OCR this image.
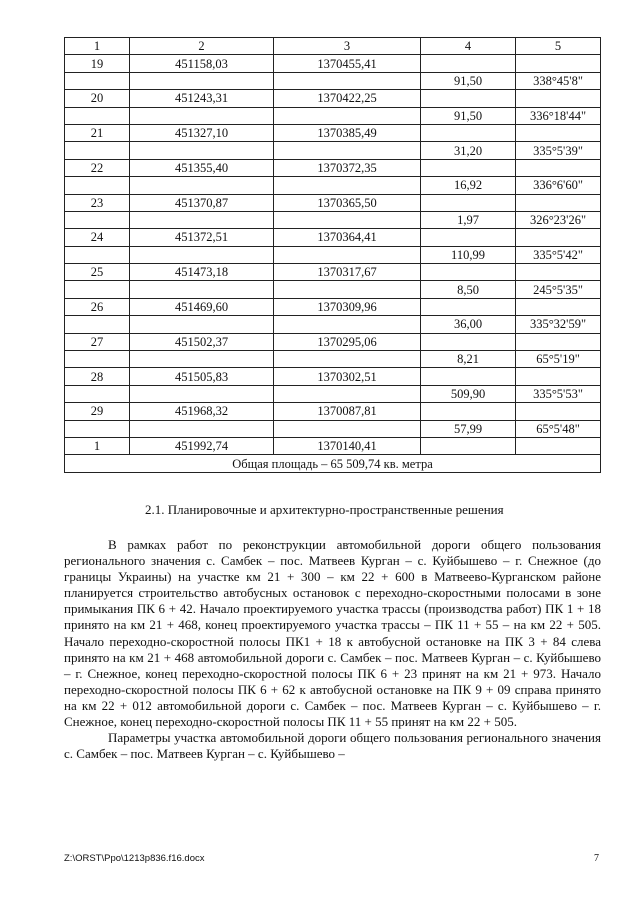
1	2	3	4	5
19	451158,03	1370455,41		
			91,50	338°45'8"
20	451243,31	1370422,25		
			91,50	336°18'44"
21	451327,10	1370385,49		
			31,20	335°5'39"
22	451355,40	1370372,35		
			16,92	336°6'60"
23	451370,87	1370365,50		
			1,97	326°23'26"
24	451372,51	1370364,41		
			110,99	335°5'42"
25	451473,18	1370317,67		
			8,50	245°5'35"
26	451469,60	1370309,96		
			36,00	335°32'59"
27	451502,37	1370295,06		
			8,21	65°5'19"
28	451505,83	1370302,51		
			509,90	335°5'53"
29	451968,32	1370087,81		
			57,99	65°5'48"
1	451992,74	1370140,41		
Общая площадь – 65 509,74 кв. метра				
2.1. Планировочные и архитектурно-пространственные решения

В рамках работ по реконструкции автомобильной дороги общего пользования регионального значения с. Самбек – пос. Матвеев Курган – с. Куйбышево – г. Снежное (до границы Украины) на участке км 21 + 300 – км 22 + 600 в Матвеево-Курганском районе планируется строительство автобусных остановок с переходно-скоростными полосами в зоне примыкания ПК 6 + 42. Начало проектируемого участка трассы (производства работ) ПК 1 + 18 принято на км 21 + 468, конец проектируемого участка трассы – ПК 11 + 55 – на км 22 + 505. Начало переходно-скоростной полосы ПК1 + 18 к автобусной остановке на ПК 3 + 84 слева принято на км 21 + 468 автомобильной дороги с. Самбек – пос. Матвеев Курган – с. Куйбышево – г. Снежное, конец переходно-скоростной полосы ПК 6 + 23 принят на км 21 + 973. Начало переходно-скоростной полосы ПК 6 + 62 к автобусной остановке на ПК 9 + 09 справа принято на км 22 + 012 автомобильной дороги с. Самбек – пос. Матвеев Курган – с. Куйбышево – г. Снежное, конец переходно-скоростной полосы ПК 11 + 55 принят на км 22 + 505.

Параметры участка автомобильной дороги общего пользования регионального значения с. Самбек – пос. Матвеев Курган – с. Куйбышево –

Z:\ORST\Ppo\1213p836.f16.docx	7
